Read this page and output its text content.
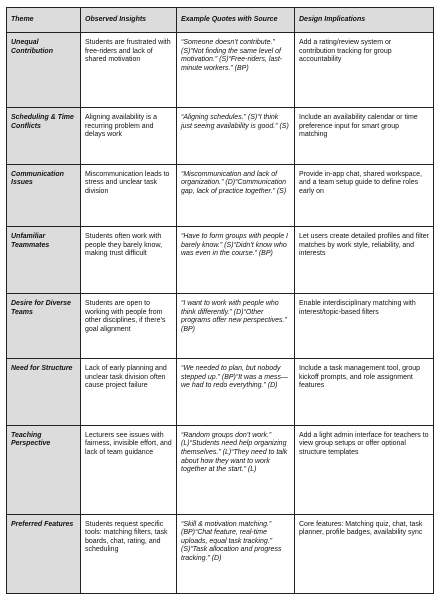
Theme	Observed Insights	Example Quotes with Source	Design Implications
Unequal Contribution	Students are frustrated with free-riders and lack of shared motivation	“Someone doesn’t contribute.” (S)“Not finding the same level of motivation.” (S)“Free-riders, last-minute workers.” (BP)	Add a rating/review system or contribution tracking for group accountability
Scheduling & Time Conflicts	Aligning availability is a recurring problem and delays work	“Aligning schedules.” (S)“I think just seeing availability is good.” (S)	Include an availability calendar or time preference input for smart group matching
Communication Issues	Miscommunication leads to stress and unclear task division	“Miscommunication and lack of organization.” (D)“Communication gap, lack of practice together.” (S)	Provide in-app chat, shared workspace, and a team setup guide to define roles early on
Unfamiliar Teammates	Students often work with people they barely know, making trust difficult	“Have to form groups with people I barely know.” (S)“Didn’t know who was even in the course.” (BP)	Let users create detailed profiles and filter matches by work style, reliability, and interests
Desire for Diverse Teams	Students are open to working with people from other disciplines, if there’s goal alignment	“I want to work with people who think differently.” (D)“Other programs offer new perspectives.” (BP)	Enable interdisciplinary matching with interest/topic-based filters
Need for Structure	Lack of early planning and unclear task division often cause project failure	“We needed to plan, but nobody stepped up.” (BP)“It was a mess—we had to redo everything.” (D)	Include a task management tool, group kickoff prompts, and role assignment features
Teaching Perspective	Lecturers see issues with fairness, invisible effort, and lack of team guidance	“Random groups don’t work.” (L)“Students need help organizing themselves.” (L)“They need to talk about how they want to work together at the start.” (L)	Add a light admin interface for teachers to view group setups or offer optional structure templates
Preferred Features	Students request specific tools: matching filters, task boards, chat, rating, and scheduling	“Skill & motivation matching.” (BP)“Chat feature, real-time uploads, equal task tracking.” (S)“Task allocation and progress tracking.” (D)	Core features: Matching quiz, chat, task planner, profile badges, availability sync
